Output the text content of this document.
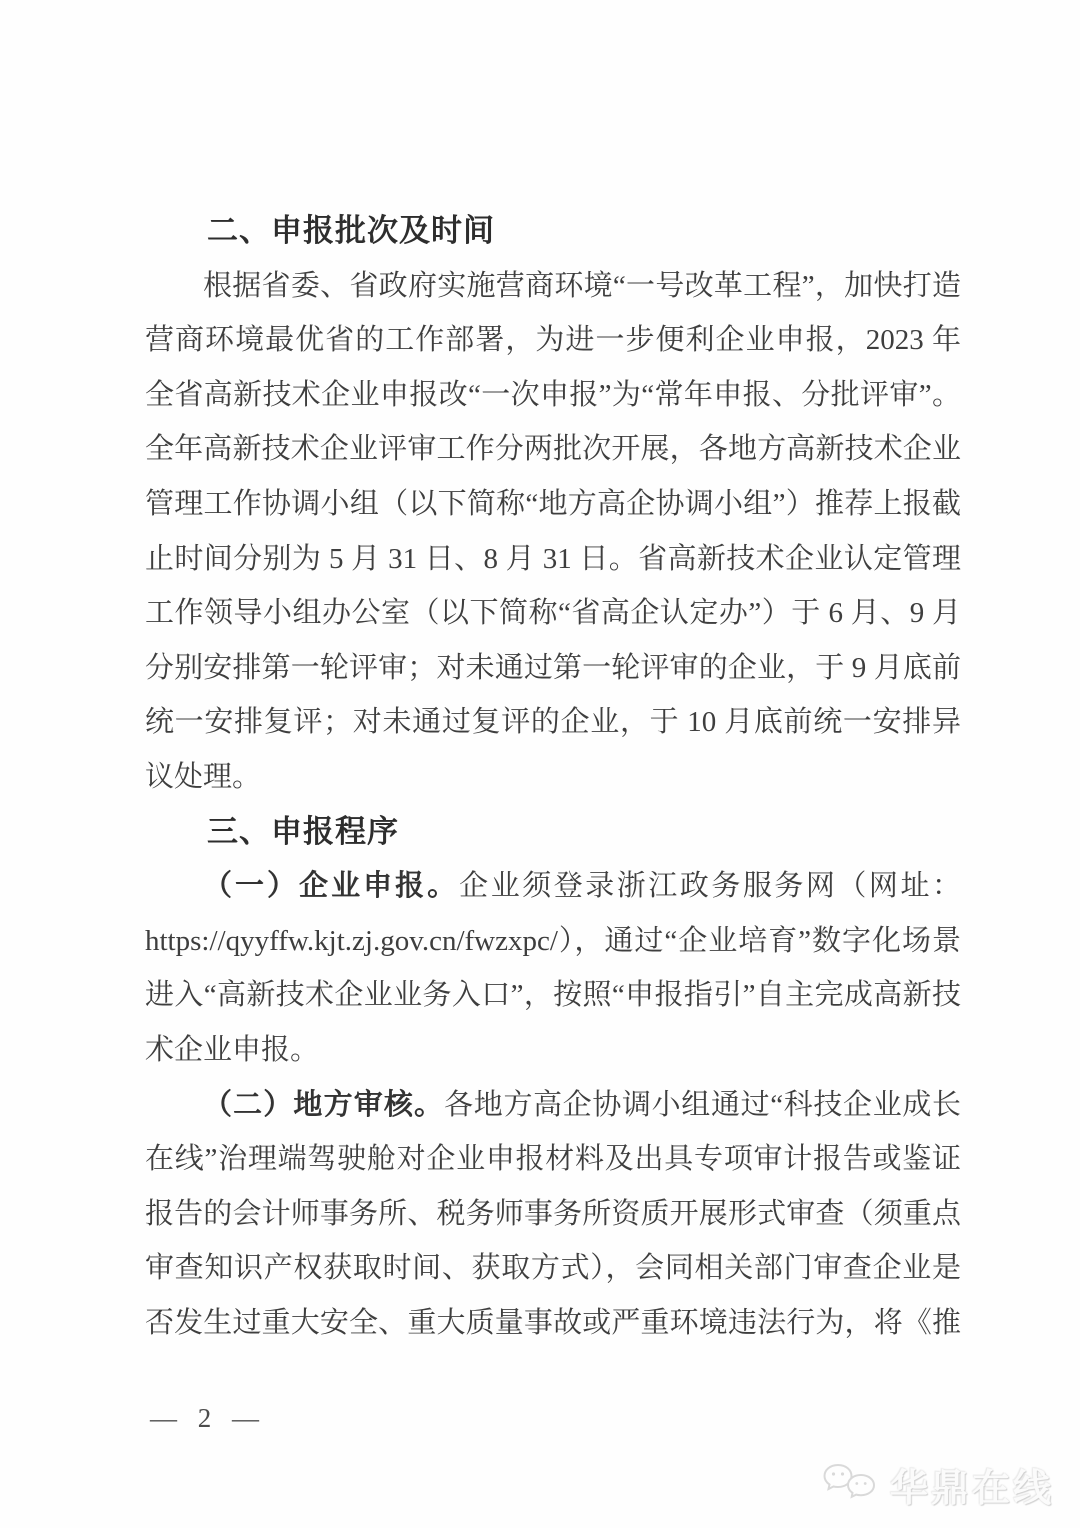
二、申报批次及时间
根据省委、省政府实施营商环境“一号改革工程”，加快打造
营商环境最优省的工作部署，为进一步便利企业申报，2023 年
全省高新技术企业申报改“一次申报”为“常年申报、分批评审”。
全年高新技术企业评审工作分两批次开展，各地方高新技术企业
管理工作协调小组（以下简称“地方高企协调小组”）推荐上报截
止时间分别为 5 月 31 日、8 月 31 日。省高新技术企业认定管理
工作领导小组办公室（以下简称“省高企认定办”）于 6 月、9 月
分别安排第一轮评审；对未通过第一轮评审的企业，于 9 月底前
统一安排复评；对未通过复评的企业，于 10 月底前统一安排异
议处理。
三、申报程序
（一）企业申报。企业须登录浙江政务服务网（网址：
https://qyyffw.kjt.zj.gov.cn/fwzxpc/），通过“企业培育”数字化场景
进入“高新技术企业业务入口”，按照“申报指引”自主完成高新技
术企业申报。
（二）地方审核。各地方高企协调小组通过“科技企业成长
在线”治理端驾驶舱对企业申报材料及出具专项审计报告或鉴证
报告的会计师事务所、税务师事务所资质开展形式审查（须重点
审查知识产权获取时间、获取方式），会同相关部门审查企业是
否发生过重大安全、重大质量事故或严重环境违法行为，将《推
— 2 —
华鼎在线
